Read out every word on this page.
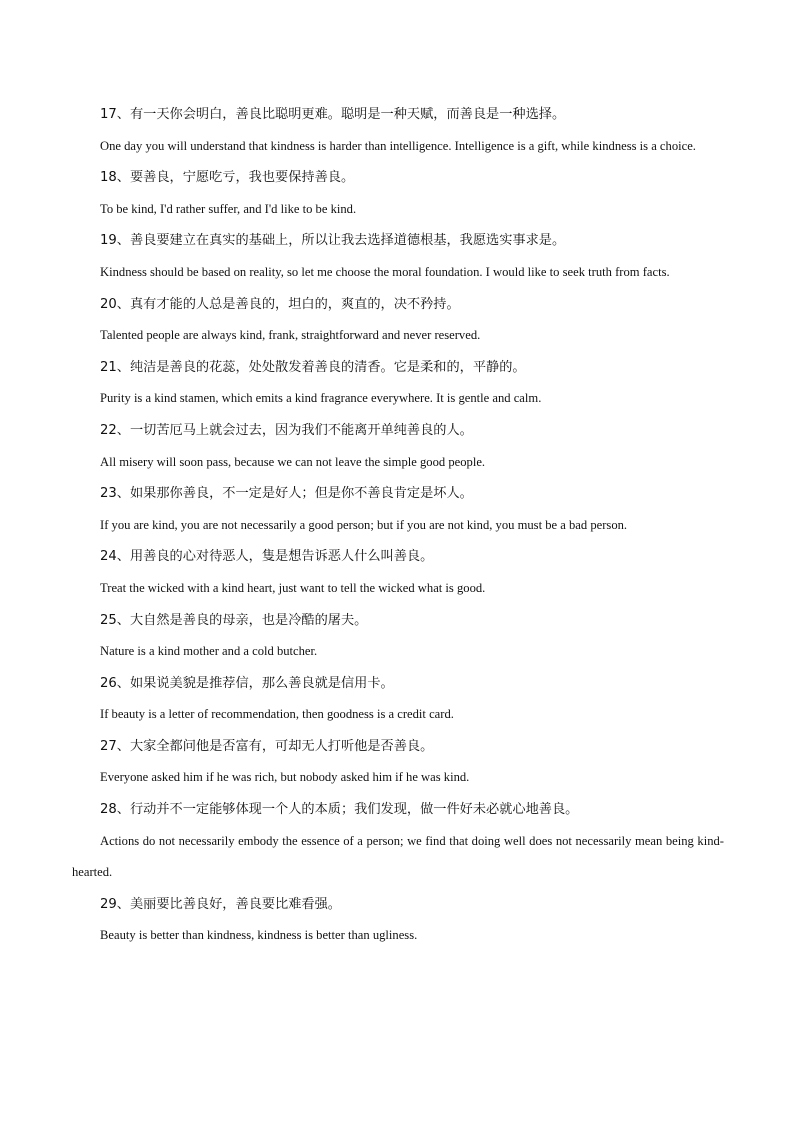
17、有一天你会明白，善良比聪明更难。聪明是一种天赋，而善良是一种选择。

One day you will understand that kindness is harder than intelligence. Intelligence is a gift, while kindness is a choice.

18、要善良，宁愿吃亏，我也要保持善良。

To be kind, I'd rather suffer, and I'd like to be kind.

19、善良要建立在真实的基础上，所以让我去选择道德根基，我愿选实事求是。

Kindness should be based on reality, so let me choose the moral foundation. I would like to seek truth from facts.

20、真有才能的人总是善良的，坦白的，爽直的，决不矜持。

Talented people are always kind, frank, straightforward and never reserved.

21、纯洁是善良的花蕊，处处散发着善良的清香。它是柔和的，平静的。

Purity is a kind stamen, which emits a kind fragrance everywhere. It is gentle and calm.

22、一切苦厄马上就会过去，因为我们不能离开单纯善良的人。

All misery will soon pass, because we can not leave the simple good people.

23、如果那你善良，不一定是好人；但是你不善良肯定是坏人。

If you are kind, you are not necessarily a good person; but if you are not kind, you must be a bad person.

24、用善良的心对待恶人，隻是想告诉恶人什么叫善良。

Treat the wicked with a kind heart, just want to tell the wicked what is good.

25、大自然是善良的母亲，也是冷酷的屠夫。

Nature is a kind mother and a cold butcher.

26、如果说美貌是推荐信，那么善良就是信用卡。

If beauty is a letter of recommendation, then goodness is a credit card.

27、大家全都问他是否富有，可却无人打听他是否善良。

Everyone asked him if he was rich, but nobody asked him if he was kind.

28、行动并不一定能够体现一个人的本质；我们发现，做一件好未必就心地善良。

Actions do not necessarily embody the essence of a person; we find that doing well does not necessarily mean being kind-hearted.

29、美丽要比善良好，善良要比难看强。

Beauty is better than kindness, kindness is better than ugliness.
